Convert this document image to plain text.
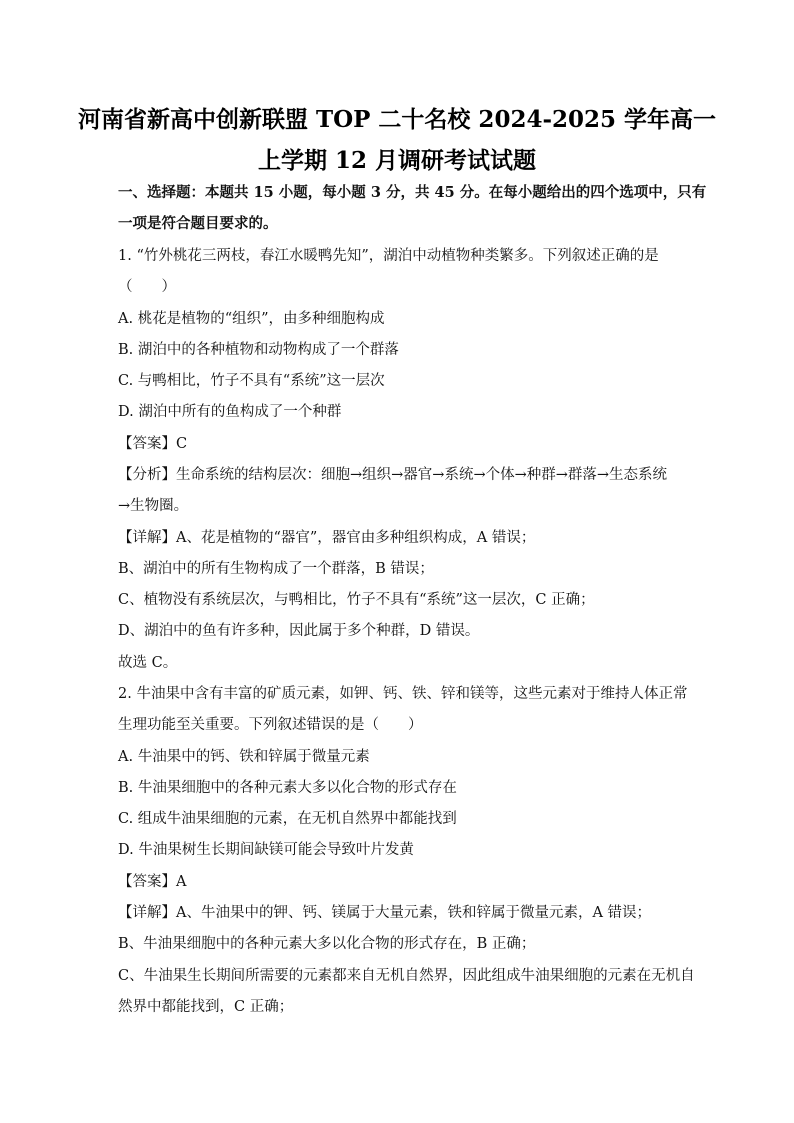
河南省新高中创新联盟 TOP 二十名校 2024-2025 学年高一
上学期 12 月调研考试试题
一、选择题：本题共 15 小题，每小题 3 分，共 45 分。在每小题给出的四个选项中，只有
一项是符合题目要求的。
1. “竹外桃花三两枝，春江水暖鸭先知”，湖泊中动植物种类繁多。下列叙述正确的是
（　　）
A. 桃花是植物的“组织”，由多种细胞构成
B. 湖泊中的各种植物和动物构成了一个群落
C. 与鸭相比，竹子不具有“系统”这一层次
D. 湖泊中所有的鱼构成了一个种群
【答案】C
【分析】生命系统的结构层次：细胞→组织→器官→系统→个体→种群→群落→生态系统
→生物圈。
【详解】A、花是植物的“器官”，器官由多种组织构成，A 错误；
B、湖泊中的所有生物构成了一个群落，B 错误；
C、植物没有系统层次，与鸭相比，竹子不具有“系统”这一层次，C 正确；
D、湖泊中的鱼有许多种，因此属于多个种群，D 错误。
故选 C。
2. 牛油果中含有丰富的矿质元素，如钾、钙、铁、锌和镁等，这些元素对于维持人体正常
生理功能至关重要。下列叙述错误的是（　　）
A. 牛油果中的钙、铁和锌属于微量元素
B. 牛油果细胞中的各种元素大多以化合物的形式存在
C. 组成牛油果细胞的元素，在无机自然界中都能找到
D. 牛油果树生长期间缺镁可能会导致叶片发黄
【答案】A
【详解】A、牛油果中的钾、钙、镁属于大量元素，铁和锌属于微量元素，A 错误；
B、牛油果细胞中的各种元素大多以化合物的形式存在，B 正确；
C、牛油果生长期间所需要的元素都来自无机自然界，因此组成牛油果细胞的元素在无机自
然界中都能找到，C 正确；
